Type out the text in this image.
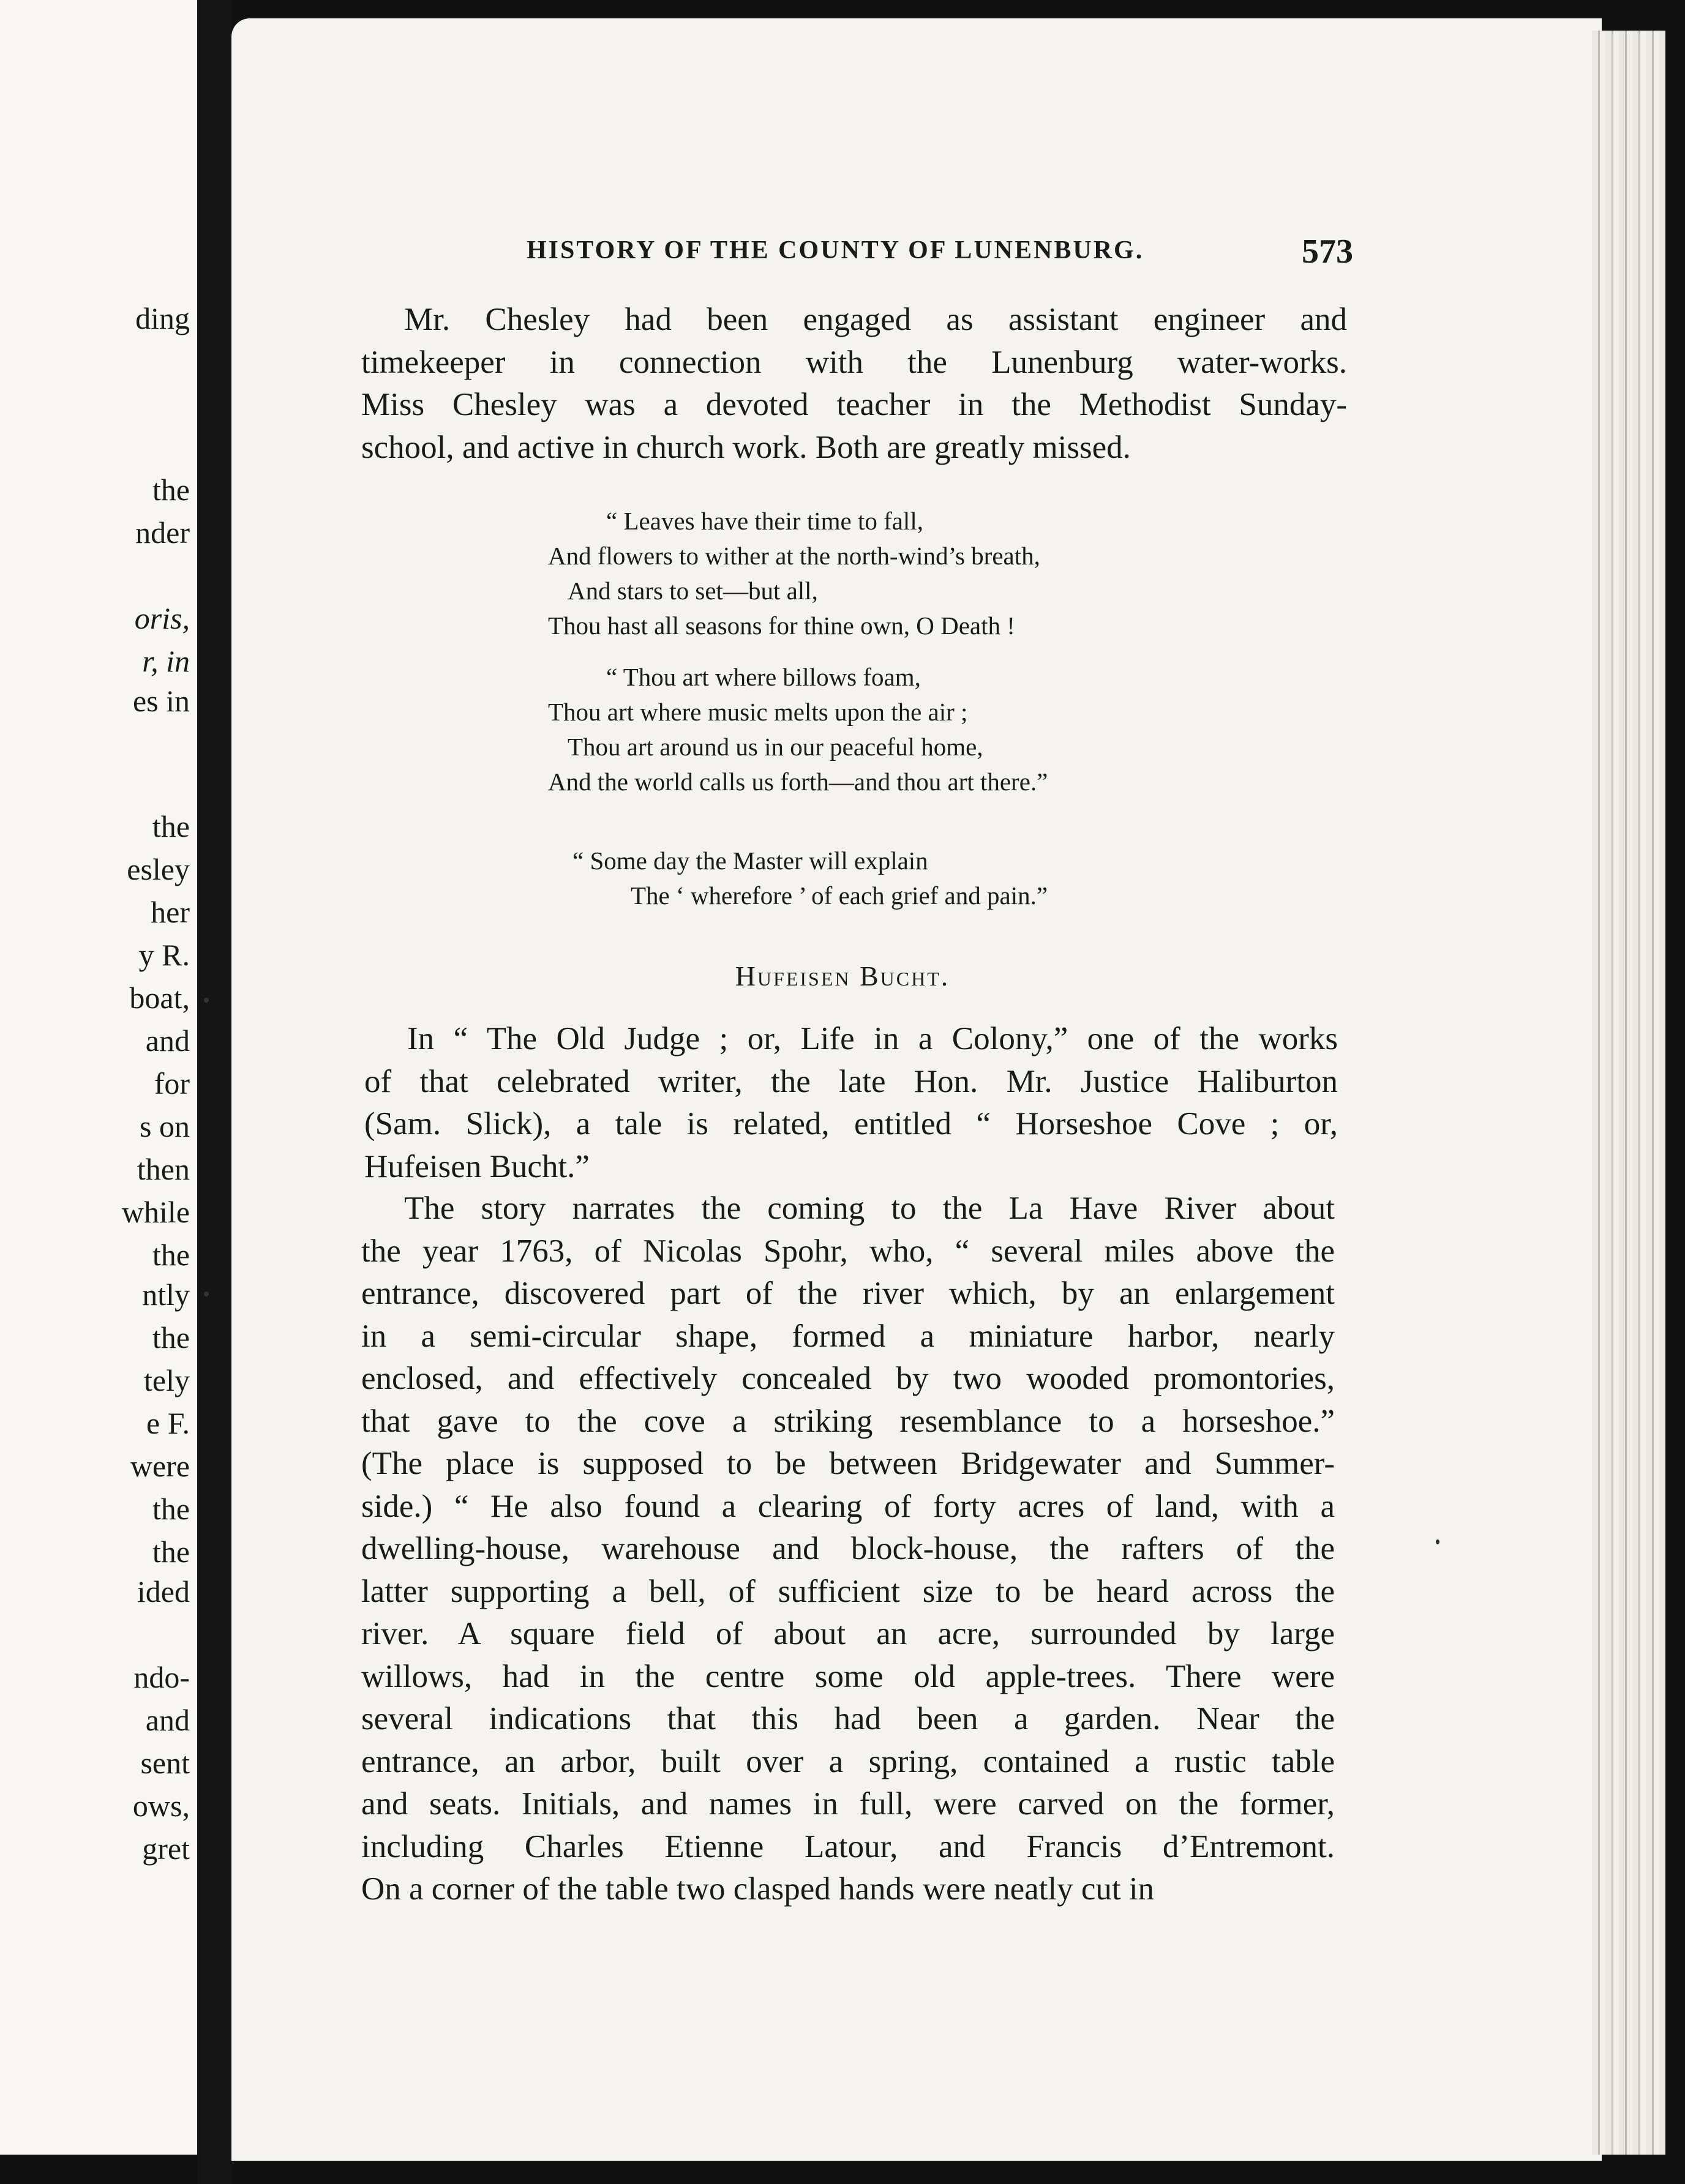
ding
the
nder
oris,
r, in
es in
the
esley
her
y R.
boat,
and
for
s on
then
while
the
ntly
the
tely
e F.
were
the
the
ided
ndo-
and
sent
ows,
gret
HISTORY OF THE COUNTY OF LUNENBURG.	573
Mr. Chesley had been engaged as assistant engineer and
timekeeper in connection with the Lunenburg water-works.
Miss Chesley was a devoted teacher in the Methodist Sunday-
school, and active in church work. Both are greatly missed.
“ Leaves have their time to fall,
And flowers to wither at the north-wind’s breath,
And stars to set—but all,
Thou hast all seasons for thine own, O Death !
“ Thou art where billows foam,
Thou art where music melts upon the air ;
Thou art around us in our peaceful home,
And the world calls us forth—and thou art there.”
“ Some day the Master will explain
The ‘ wherefore ’ of each grief and pain.”
Hufeisen Bucht.
In “ The Old Judge ; or, Life in a Colony,” one of the works
of that celebrated writer, the late Hon. Mr. Justice Haliburton
(Sam. Slick), a tale is related, entitled “ Horseshoe Cove ; or,
Hufeisen Bucht.”
The story narrates the coming to the La Have River about
the year 1763, of Nicolas Spohr, who, “ several miles above the
entrance, discovered part of the river which, by an enlargement
in a semi-circular shape, formed a miniature harbor, nearly
enclosed, and effectively concealed by two wooded promontories,
that gave to the cove a striking resemblance to a horseshoe.”
(The place is supposed to be between Bridgewater and Summer-
side.) “ He also found a clearing of forty acres of land, with a
dwelling-house, warehouse and block-house, the rafters of the
latter supporting a bell, of sufficient size to be heard across the
river. A square field of about an acre, surrounded by large
willows, had in the centre some old apple-trees. There were
several indications that this had been a garden. Near the
entrance, an arbor, built over a spring, contained a rustic table
and seats. Initials, and names in full, were carved on the former,
including Charles Etienne Latour, and Francis d’Entremont.
On a corner of the table two clasped hands were neatly cut in
